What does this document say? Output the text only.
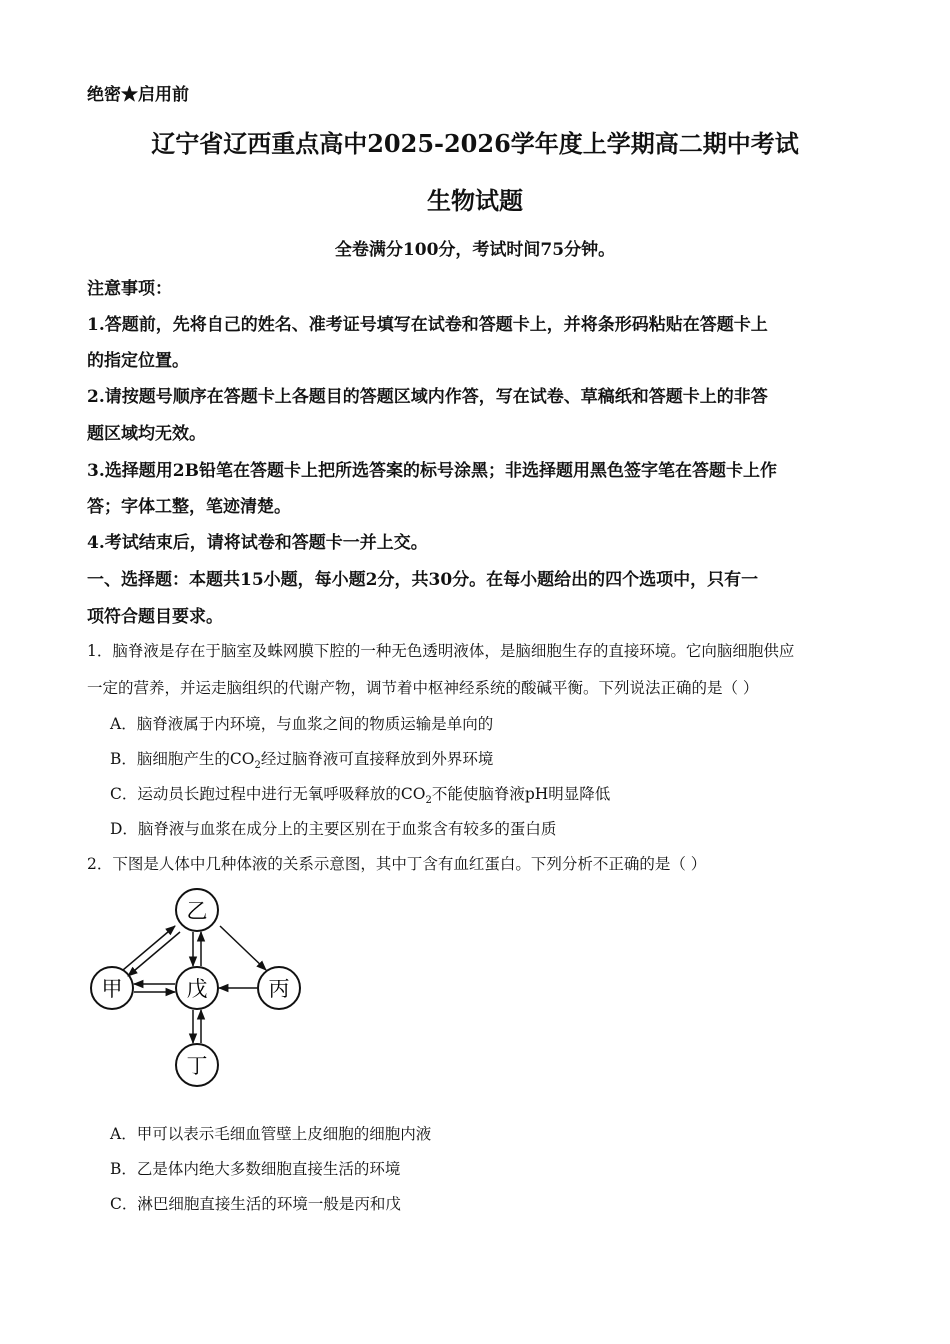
绝密★启用前
辽宁省辽西重点高中2025-2026学年度上学期高二期中考试
生物试题
全卷满分100分，考试时间75分钟。
注意事项：
1.答题前，先将自己的姓名、准考证号填写在试卷和答题卡上，并将条形码粘贴在答题卡上
的指定位置。
2.请按题号顺序在答题卡上各题目的答题区域内作答，写在试卷、草稿纸和答题卡上的非答
题区域均无效。
3.选择题用2B铅笔在答题卡上把所选答案的标号涂黑；非选择题用黑色签字笔在答题卡上作
答；字体工整，笔迹清楚。
4.考试结束后，请将试卷和答题卡一并上交。
一、选择题：本题共15小题，每小题2分，共30分。在每小题给出的四个选项中，只有一
项符合题目要求。
1．脑脊液是存在于脑室及蛛网膜下腔的一种无色透明液体，是脑细胞生存的直接环境。它向脑细胞供应
一定的营养，并运走脑组织的代谢产物，调节着中枢神经系统的酸碱平衡。下列说法正确的是（ ）
A．脑脊液属于内环境，与血浆之间的物质运输是单向的
B．脑细胞产生的$CO_2$经过脑脊液可直接释放到外界环境
C．运动员长跑过程中进行无氧呼吸释放的$CO_2$不能使脑脊液pH明显降低
D．脑脊液与血浆在成分上的主要区别在于血浆含有较多的蛋白质
2．下图是人体中几种体液的关系示意图，其中丁含有血红蛋白。下列分析不正确的是（ ）
乙
甲	戊	丙
丁
A．甲可以表示毛细血管壁上皮细胞的细胞内液
B．乙是体内绝大多数细胞直接生活的环境
C．淋巴细胞直接生活的环境一般是丙和戊
